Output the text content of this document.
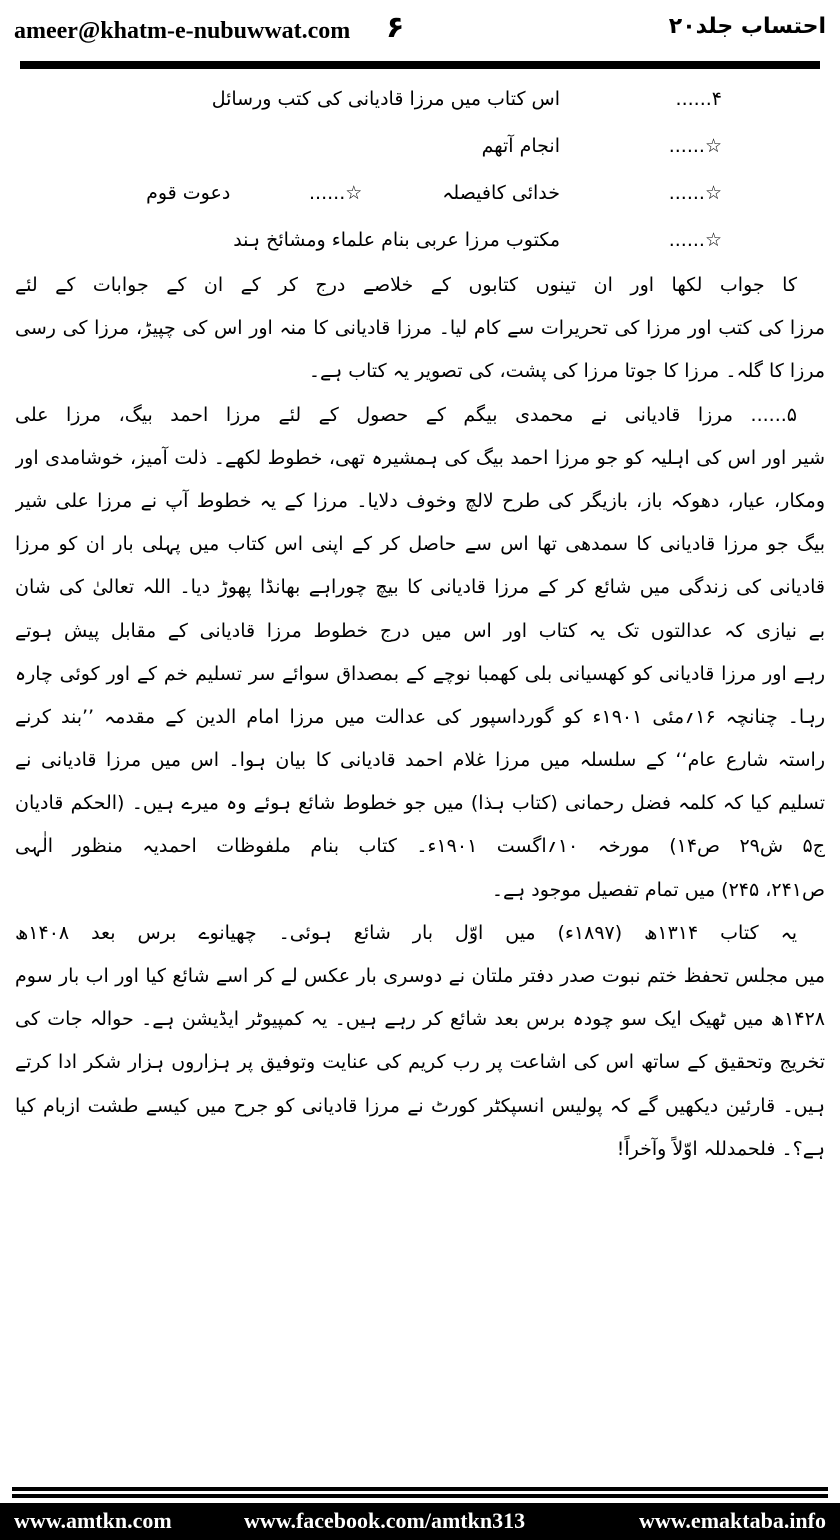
ameer@khatm-e-nubuwwat.com ۶	احتساب جلد۲۰
۴......اس کتاب میں مرزا قادیانی کی کتب ورسائل
☆......انجام آتھم
☆......خدائی کافیصلہ☆......دعوت قوم
☆......مکتوب مرزا عربی بنام علماء ومشائخ ہند
کا جواب لکھا اور ان تینوں کتابوں کے خلاصے درج کر کے ان کے جوابات کے لئے
مرزا کی کتب اور مرزا کی تحریرات سے کام لیا۔ مرزا قادیانی کا منہ اور اس کی چپیڑ، مرزا کی رسی
مرزا کا گلہ۔ مرزا کا جوتا مرزا کی پشت، کی تصویر یہ کتاب ہے۔
۵...... مرزا قادیانی نے محمدی بیگم کے حصول کے لئے مرزا احمد بیگ، مرزا علی
شیر اور اس کی اہلیہ کو جو مرزا احمد بیگ کی ہمشیرہ تھی، خطوط لکھے۔ ذلت آمیز، خوشامدی اور
ومکار، عیار، دھوکہ باز، بازیگر کی طرح لالچ وخوف دلایا۔ مرزا کے یہ خطوط آپ نے مرزا علی شیر
بیگ جو مرزا قادیانی کا سمدھی تھا اس سے حاصل کر کے اپنی اس کتاب میں پہلی بار ان کو مرزا
قادیانی کی زندگی میں شائع کر کے مرزا قادیانی کا بیچ چوراہے بھانڈا پھوڑ دیا۔ اللہ تعالیٰ کی شان
بے نیازی کہ عدالتوں تک یہ کتاب اور اس میں درج خطوط مرزا قادیانی کے مقابل پیش ہوتے
رہے اور مرزا قادیانی کو کھسیانی بلی کھمبا نوچے کے بمصداق سوائے سر تسلیم خم کے اور کوئی چارہ
رہا۔ چنانچہ ۱۶؍مئی ۱۹۰۱ء کو گورداسپور کی عدالت میں مرزا امام الدین کے مقدمہ ’’بند کرنے
راستہ شارع عام‘‘ کے سلسلہ میں مرزا غلام احمد قادیانی کا بیان ہوا۔ اس میں مرزا قادیانی نے
تسلیم کیا کہ کلمہ فضل رحمانی (کتاب ہذا) میں جو خطوط شائع ہوئے وہ میرے ہیں۔ (الحکم قادیان
ج۵ ش۲۹ ص۱۴) مورخہ ۱۰؍اگست ۱۹۰۱ء۔ کتاب بنام ملفوظات احمدیہ منظور الٰہی
ص۲۴۱، ۲۴۵) میں تمام تفصیل موجود ہے۔
یہ کتاب ۱۳۱۴ھ (۱۸۹۷ء) میں اوّل بار شائع ہوئی۔ چھیانوے برس بعد ۱۴۰۸ھ
میں مجلس تحفظ ختم نبوت صدر دفتر ملتان نے دوسری بار عکس لے کر اسے شائع کیا اور اب بار سوم
۱۴۲۸ھ میں ٹھیک ایک سو چودہ برس بعد شائع کر رہے ہیں۔ یہ کمپیوٹر ایڈیشن ہے۔ حوالہ جات کی
تخریج وتحقیق کے ساتھ اس کی اشاعت پر رب کریم کی عنایت وتوفیق پر ہزاروں ہزار شکر ادا کرتے
ہیں۔ قارئین دیکھیں گے کہ پولیس انسپکٹر کورٹ نے مرزا قادیانی کو جرح میں کیسے طشت ازبام کیا
ہے؟۔ فلحمدللہ اوّلاً وآخراً!
www.amtkn.com	www.facebook.com/amtkn313	www.emaktaba.info
